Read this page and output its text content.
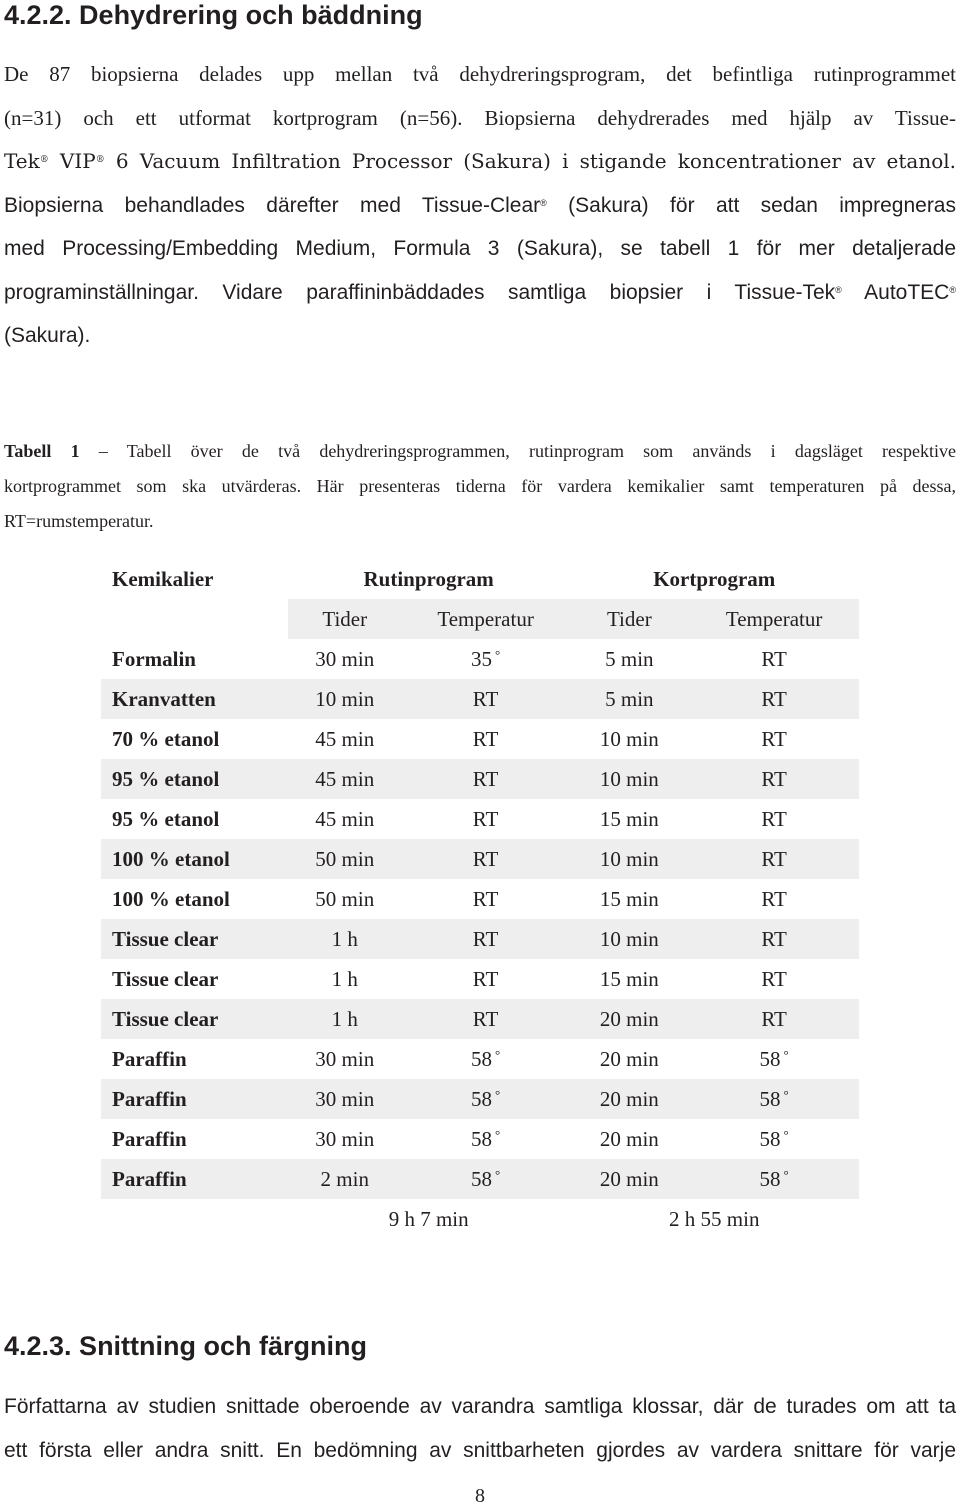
4.2.2. Dehydrering och bäddning
De 87 biopsierna delades upp mellan två dehydreringsprogram, det befintliga rutinprogrammet
(n=31) och ett utformat kortprogram (n=56). Biopsierna dehydrerades med hjälp av Tissue-
Tek® VIP® 6 Vacuum Infiltration Processor (Sakura) i stigande koncentrationer av etanol.
Biopsierna behandlades därefter med Tissue-Clear® (Sakura) för att sedan impregneras
med Processing/Embedding Medium, Formula 3 (Sakura), se tabell 1 för mer detaljerade
programinställningar. Vidare paraffininbäddades samtliga biopsier i Tissue-Tek® AutoTEC®
(Sakura).
Tabell 1 – Tabell över de två dehydreringsprogrammen, rutinprogram som används i dagsläget respektive
kortprogrammet som ska utvärderas. Här presenteras tiderna för vardera kemikalier samt temperaturen på dessa,
RT=rumstemperatur.
Kemikalier	Rutinprogram		Kortprogram	
	Tider	Temperatur	Tider	Temperatur
Formalin	30 min	35 °	5 min	RT
Kranvatten	10 min	RT	5 min	RT
70 % etanol	45 min	RT	10 min	RT
95 % etanol	45 min	RT	10 min	RT
95 % etanol	45 min	RT	15 min	RT
100 % etanol	50 min	RT	10 min	RT
100 % etanol	50 min	RT	15 min	RT
Tissue clear	1 h	RT	10 min	RT
Tissue clear	1 h	RT	15 min	RT
Tissue clear	1 h	RT	20 min	RT
Paraffin	30 min	58 °	20 min	58 °
Paraffin	30 min	58 °	20 min	58 °
Paraffin	30 min	58 °	20 min	58 °
Paraffin	2 min	58 °	20 min	58 °
	9 h 7 min		2 h 55 min	
4.2.3. Snittning och färgning
Författarna av studien snittade oberoende av varandra samtliga klossar, där de turades om att ta
ett första eller andra snitt. En bedömning av snittbarheten gjordes av vardera snittare för varje
8
